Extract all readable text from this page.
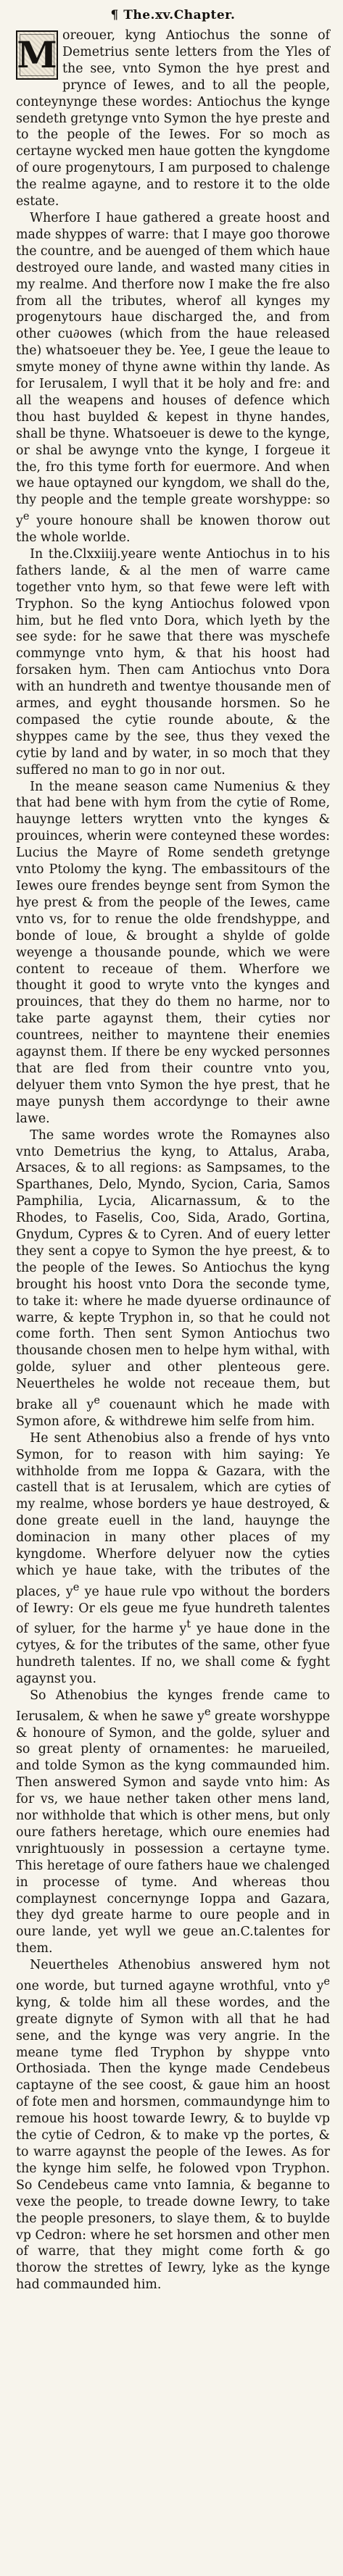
¶ The.xv.Chapter.
M oreouer, kyng Antiochus the sonne of Demetrius sente letters from the Yles of the see, vnto Symon the hye prest and prynce of Iewes, and to all the people, conteynynge these wordes: Antiochus the kynge sendeth gretynge vnto Symon the hye preste and to the people of the Iewes. For so moch as certayne wycked men haue gotten the kyngdome of oure progenytours, I am purposed to chalenge the realme agayne, and to restore it to the olde estate.

Wherfore I haue gathered a greate hoost and made shyppes of warre: that I maye goo thorowe the countre, and be auenged of them which haue destroyed oure lande, and wasted many cities in my realme. And therfore now I make the fre also from all the tributes, wherof all kynges my progenytours haue discharged the, and from other cu∂owes (which from the haue released the) whatsoeuer they be. Yee, I geue the leaue to smyte money of thyne awne within thy lande. As for Ierusalem, I wyll that it be holy and fre: and all the weapens and houses of defence which thou hast buylded & kepest in thyne handes, shall be thyne. Whatsoeuer is dewe to the kynge, or shal be awynge vnto the kynge, I forgeue it the, fro this tyme forth for euermore. And when we haue optayned our kyngdom, we shall do the, thy people and the temple greate worshyppe: so $y^e$ youre honoure shall be knowen thorow out the whole worlde.

In the.Clxxiiij.yeare wente Antiochus in to his fathers lande, & al the men of warre came together vnto hym, so that fewe were left with Tryphon. So the kyng Antiochus folowed vpon him, but he fled vnto Dora, which lyeth by the see syde: for he sawe that there was myschefe commynge vnto hym, & that his hoost had forsaken hym. Then cam Antiochus vnto Dora with an hundreth and twentye thousande men of armes, and eyght thousande horsmen. So he compased the cytie rounde aboute, & the shyppes came by the see, thus they vexed the cytie by land and by water, in so moch that they suffered no man to go in nor out.

In the meane season came Numenius & they that had bene with hym from the cytie of Rome, hauynge letters wrytten vnto the kynges & prouinces, wherin were conteyned these wordes: Lucius the Mayre of Rome sendeth gretynge vnto Ptolomy the kyng. The embassitours of the Iewes oure frendes beynge sent from Symon the hye prest & from the people of the Iewes, came vnto vs, for to renue the olde frendshyppe, and bonde of loue, & brought a shylde of golde weyenge a thousande pounde, which we were content to receaue of them. Wherfore we thought it good to wryte vnto the kynges and prouinces, that they do them no harme, nor to take parte agaynst them, their cyties nor countrees, neither to mayntene their enemies agaynst them. If there be eny wycked personnes that are fled from their countre vnto you, delyuer them vnto Symon the hye prest, that he maye punysh them accordynge to their awne lawe.

The same wordes wrote the Romaynes also vnto Demetrius the kyng, to Attalus, Araba, Arsaces, & to all regions: as Sampsames, to the Sparthanes, Delo, Myndo, Sycion, Caria, Samos Pamphilia, Lycia, Alicarnassum, & to the Rhodes, to Faselis, Coo, Sida, Arado, Gortina, Gnydum, Cypres & to Cyren. And of euery letter they sent a copye to Symon the hye preest, & to the people of the Iewes. So Antiochus the kyng brought his hoost vnto Dora the seconde tyme, to take it: where he made dyuerse ordinaunce of warre, & kepte Tryphon in, so that he could not come forth. Then sent Symon Antiochus two thousande chosen men to helpe hym withal, with golde, syluer and other plenteous gere. Neuertheles he wolde not receaue them, but brake all $y^e$ couenaunt which he made with Symon afore, & withdrewe him selfe from him.

He sent Athenobius also a frende of hys vnto Symon, for to reason with him saying: Ye withholde from me Ioppa & Gazara, with the castell that is at Ierusalem, which are cyties of my realme, whose borders ye haue destroyed, & done greate euell in the land, hauynge the dominacion in many other places of my kyngdome. Wherfore delyuer now the cyties which ye haue take, with the tributes of the places, $y^e$ ye haue rule vpo without the borders of Iewry: Or els geue me fyue hundreth talentes of syluer, for the harme $y^t$ ye haue done in the cytyes, & for the tributes of the same, other fyue hundreth talentes. If no, we shall come & fyght agaynst you.

So Athenobius the kynges frende came to Ierusalem, & when he sawe $y^e$ greate worshyppe & honoure of Symon, and the golde, syluer and so great plenty of ornamentes: he marueiled, and tolde Symon as the kyng commaunded him. Then answered Symon and sayde vnto him: As for vs, we haue nether taken other mens land, nor withholde that which is other mens, but only oure fathers heretage, which oure enemies had vnrightuously in possession a certayne tyme. This heretage of oure fathers haue we chalenged in processe of tyme. And whereas thou complaynest concernynge Ioppa and Gazara, they dyd greate harme to oure people and in oure lande, yet wyll we geue an.C.talentes for them.

Neuertheles Athenobius answered hym not one worde, but turned agayne wrothful, vnto $y^e$ kyng, & tolde him all these wordes, and the greate dignyte of Symon with all that he had sene, and the kynge was very angrie. In the meane tyme fled Tryphon by shyppe vnto Orthosiada. Then the kynge made Cendebeus captayne of the see coost, & gaue him an hoost of fote men and horsmen, commaundynge him to remoue his hoost towarde Iewry, & to buylde vp the cytie of Cedron, & to make vp the portes, & to warre agaynst the people of the Iewes. As for the kynge him selfe, he folowed vpon Tryphon. So Cendebeus came vnto Iamnia, & beganne to vexe the people, to treade downe Iewry, to take the people presoners, to slaye them, & to buylde vp Cedron: where he set horsmen and other men of warre, that they might come forth & go thorow the strettes of Iewry, lyke as the kynge had commaunded him.
